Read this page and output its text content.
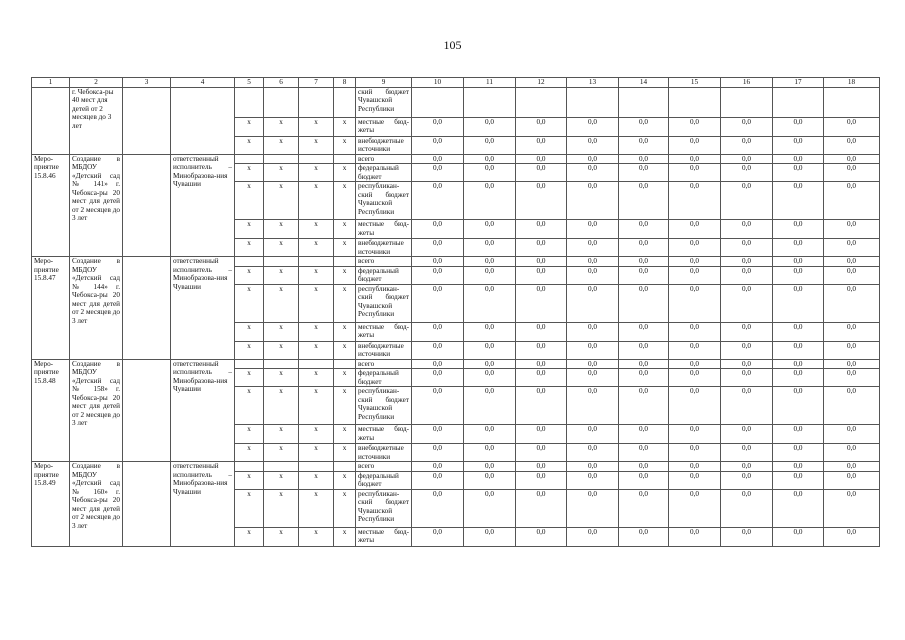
105
1	2	3	4	5	6	7	8	9	10	11	12	13	14	15	16	17	18
	г. Чебокса-ры 40 мест для детей от 2 месяцев до 3 лет							ский бюджет Чувашской Республики									
				x	x	x	x	местные бюд-жеты	0,0	0,0	0,0	0,0	0,0	0,0	0,0	0,0	0,0
				x	x	x	x	внебюджетные источники	0,0	0,0	0,0	0,0	0,0	0,0	0,0	0,0	0,0
Меро-приятие 15.8.46	Создание в МБДОУ «Детский сад № 141» г. Чебокса-ры 20 мест для детей от 2 месяцев до 3 лет		ответственный исполнитель – Минобразова-ния Чувашии					всего	0,0	0,0	0,0	0,0	0,0	0,0	0,0	0,0	0,0
				x	x	x	x	федеральный бюджет	0,0	0,0	0,0	0,0	0,0	0,0	0,0	0,0	0,0
				x	x	x	x	республикан-ский бюджет Чувашской Республики	0,0	0,0	0,0	0,0	0,0	0,0	0,0	0,0	0,0
				x	x	x	x	местные бюд-жеты	0,0	0,0	0,0	0,0	0,0	0,0	0,0	0,0	0,0
				x	x	x	x	внебюджетные источники	0,0	0,0	0,0	0,0	0,0	0,0	0,0	0,0	0,0
Меро-приятие 15.8.47	Создание в МБДОУ «Детский сад № 144» г. Чебокса-ры 20 мест для детей от 2 месяцев до 3 лет		ответственный исполнитель – Минобразова-ния Чувашии					всего	0,0	0,0	0,0	0,0	0,0	0,0	0,0	0,0	0,0
				x	x	x	x	федеральный бюджет	0,0	0,0	0,0	0,0	0,0	0,0	0,0	0,0	0,0
				x	x	x	x	республикан-ский бюджет Чувашской Республики	0,0	0,0	0,0	0,0	0,0	0,0	0,0	0,0	0,0
				x	x	x	x	местные бюд-жеты	0,0	0,0	0,0	0,0	0,0	0,0	0,0	0,0	0,0
				x	x	x	x	внебюджетные источники	0,0	0,0	0,0	0,0	0,0	0,0	0,0	0,0	0,0
Меро-приятие 15.8.48	Создание в МБДОУ «Детский сад № 158» г. Чебокса-ры 20 мест для детей от 2 месяцев до 3 лет		ответственный исполнитель – Минобразова-ния Чувашии					всего	0,0	0,0	0,0	0,0	0,0	0,0	0,0	0,0	0,0
				x	x	x	x	федеральный бюджет	0,0	0,0	0,0	0,0	0,0	0,0	0,0	0,0	0,0
				x	x	x	x	республикан-ский бюджет Чувашской Республики	0,0	0,0	0,0	0,0	0,0	0,0	0,0	0,0	0,0
				x	x	x	x	местные бюд-жеты	0,0	0,0	0,0	0,0	0,0	0,0	0,0	0,0	0,0
				x	x	x	x	внебюджетные источники	0,0	0,0	0,0	0,0	0,0	0,0	0,0	0,0	0,0
Меро-приятие 15.8.49	Создание в МБДОУ «Детский сад № 160» г. Чебокса-ры 20 мест для детей от 2 месяцев до 3 лет		ответственный исполнитель – Минобразова-ния Чувашии					всего	0,0	0,0	0,0	0,0	0,0	0,0	0,0	0,0	0,0
				x	x	x	x	федеральный бюджет	0,0	0,0	0,0	0,0	0,0	0,0	0,0	0,0	0,0
				x	x	x	x	республикан-ский бюджет Чувашской Республики	0,0	0,0	0,0	0,0	0,0	0,0	0,0	0,0	0,0
				x	x	x	x	местные бюд-жеты	0,0	0,0	0,0	0,0	0,0	0,0	0,0	0,0	0,0
